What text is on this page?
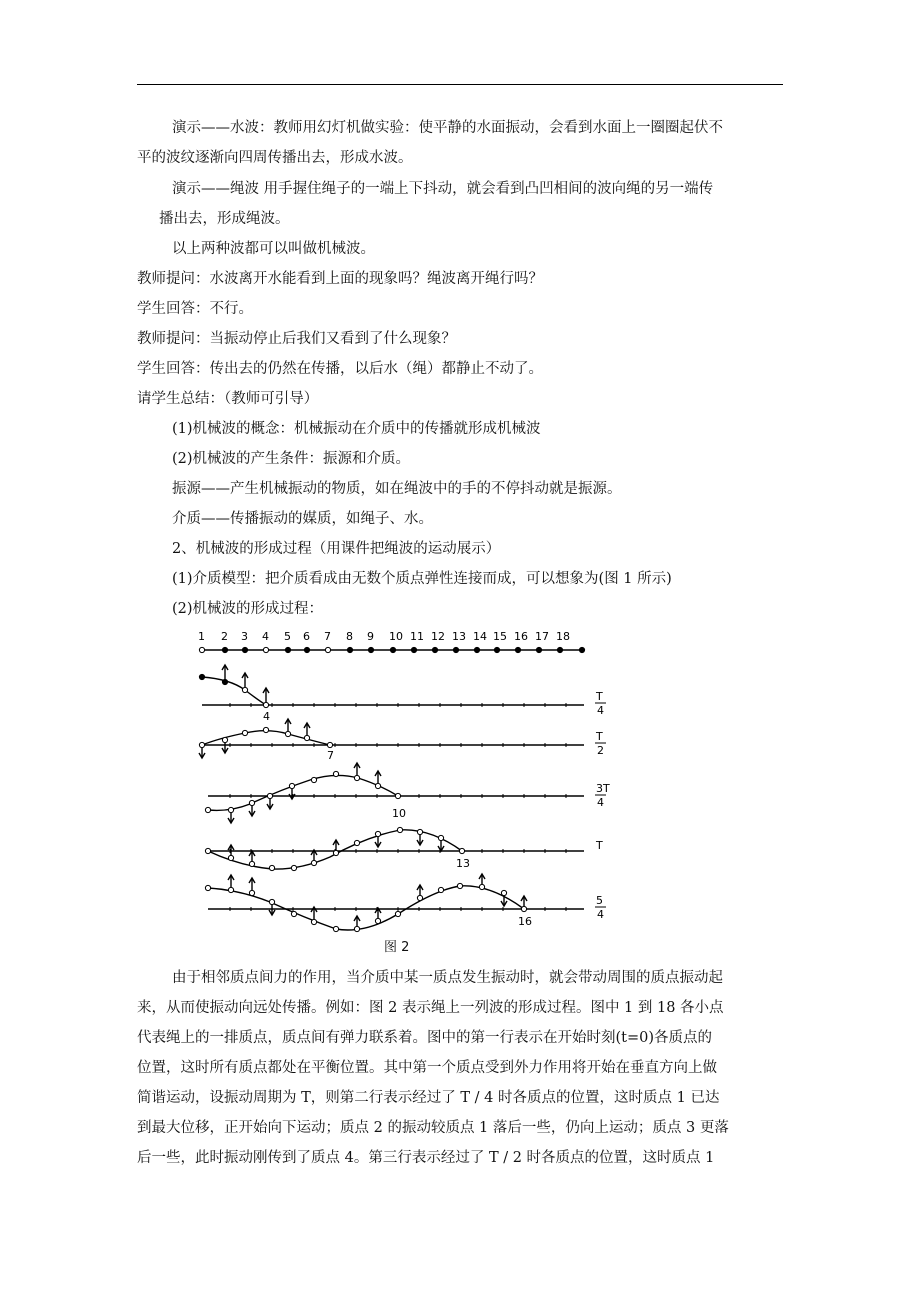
演示——水波：教师用幻灯机做实验：使平静的水面振动，会看到水面上一圈圈起伏不
平的波纹逐渐向四周传播出去，形成水波。
演示——绳波 用手握住绳子的一端上下抖动，就会看到凸凹相间的波向绳的另一端传
播出去，形成绳波。
以上两种波都可以叫做机械波。
教师提问：水波离开水能看到上面的现象吗？绳波离开绳行吗？
学生回答：不行。
教师提问：当振动停止后我们又看到了什么现象？
学生回答：传出去的仍然在传播，以后水（绳）都静止不动了。
请学生总结：（教师可引导）
(1)机械波的概念：机械振动在介质中的传播就形成机械波
(2)机械波的产生条件：振源和介质。
振源——产生机械振动的物质，如在绳波中的手的不停抖动就是振源。
介质——传播振动的媒质，如绳子、水。
2、机械波的形成过程（用课件把绳波的运动展示）
(1)介质模型：把介质看成由无数个质点弹性连接而成，可以想象为(图 1 所示)
(2)机械波的形成过程：
1 2 3 4 5 6 7 8 9 10 11 12 13 14 15 16 17 18
4
T
4
7
T
2
10
3T
4
13
T
16
5
4
图 2
由于相邻质点间力的作用，当介质中某一质点发生振动时，就会带动周围的质点振动起
来，从而使振动向远处传播。例如：图 2 表示绳上一列波的形成过程。图中 1 到 18 各小点
代表绳上的一排质点，质点间有弹力联系着。图中的第一行表示在开始时刻(t=0)各质点的
位置，这时所有质点都处在平衡位置。其中第一个质点受到外力作用将开始在垂直方向上做
简谐运动，设振动周期为 T，则第二行表示经过了 T / 4 时各质点的位置，这时质点 1 已达
到最大位移，正开始向下运动；质点 2 的振动较质点 1 落后一些，仍向上运动；质点 3 更落
后一些，此时振动刚传到了质点 4。第三行表示经过了 T / 2 时各质点的位置，这时质点 1
